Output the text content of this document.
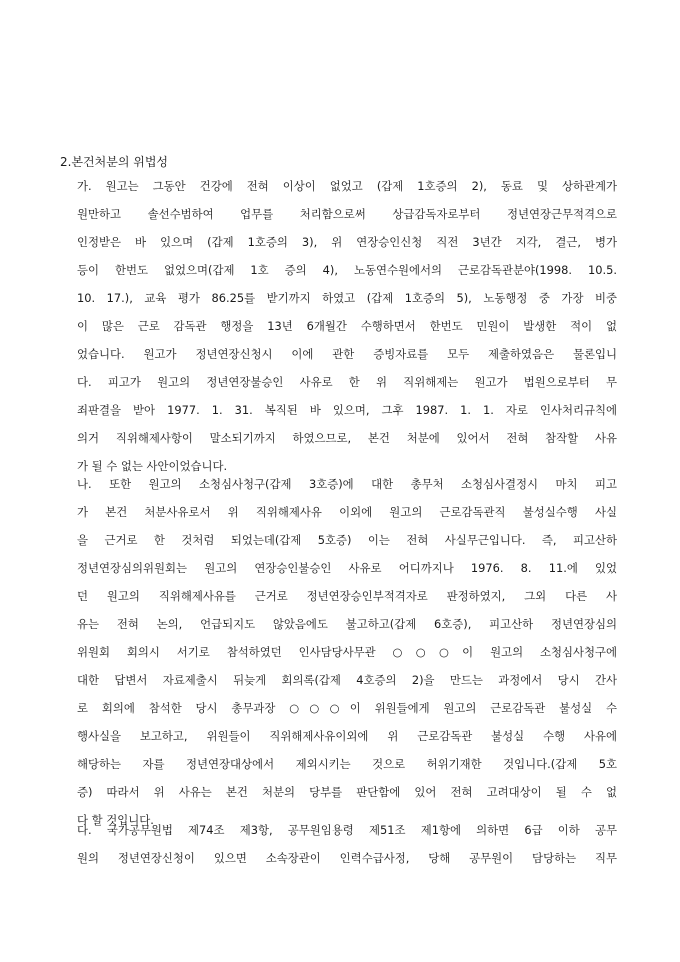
2.본건처분의 위법성
가. 원고는 그동안 건강에 전혀 이상이 없었고 (갑제 1호증의 2), 동료 및 상하관계가
원만하고 솔선수범하여 업무를 처리함으로써 상급감독자로부터 정년연장근무적격으로
인정받은 바 있으며 (갑제 1호증의 3), 위 연장승인신청 직전 3년간 지각, 결근, 병가
등이 한번도 없었으며(갑제 1호 증의 4), 노동연수원에서의 근로감독관분야(1998. 10.5.
10. 17.), 교육 평가 86.25를 받기까지 하였고 (갑제 1호증의 5), 노동행정 중 가장 비중
이 많은 근로 감독관 행정을 13년 6개월간 수행하면서 한번도 민원이 발생한 적이 없
었습니다. 원고가 정년연장신청시 이에 관한 증빙자료를 모두 제출하였음은 물론입니
다. 피고가 원고의 정년연장불승인 사유로 한 위 직위해제는 원고가 법원으로부터 무
죄판결을 받아 1977. 1. 31. 복직된 바 있으며, 그후 1987. 1. 1. 자로 인사처리규칙에
의거 직위해제사항이 말소되기까지 하였으므로, 본건 처분에 있어서 전혀 참작할 사유
가 될 수 없는 사안이었습니다.
나. 또한 원고의 소청심사청구(갑제 3호증)에 대한 총무처 소청심사결정시 마치 피고
가 본건 처분사유로서 위 직위해제사유 이외에 원고의 근로감독관직 불성실수행 사실
을 근거로 한 것처럼 되었는데(갑제 5호증) 이는 전혀 사실무근입니다. 즉, 피고산하
정년연장심의위원회는 원고의 연장승인불승인 사유로 어디까지나 1976. 8. 11.에 있었
던 원고의 직위해제사유를 근거로 정년연장승인부적격자로 판정하였지, 그외 다른 사
유는 전혀 논의, 언급되지도 않았음에도 불고하고(갑제 6호증), 피고산하 정년연장심의
위원회 회의시 서기로 참석하였던 인사담당사무관 ○○○이 원고의 소청심사청구에
대한 답변서 자료제출시 뒤늦게 회의록(갑제 4호증의 2)을 만드는 과정에서 당시 간사
로 회의에 참석한 당시 총무과장 ○○○이 위원들에게 원고의 근로감독관 불성실 수
행사실을 보고하고, 위원들이 직위해제사유이외에 위 근로감독관 불성실 수행 사유에
해당하는 자를 정년연장대상에서 제외시키는 것으로 허위기재한 것입니다.(갑제 5호
증) 따라서 위 사유는 본건 처분의 당부를 판단함에 있어 전혀 고려대상이 될 수 없
다 할 것입니다.
다. 국가공무원법 제74조 제3항, 공무원임용령 제51조 제1항에 의하면 6급 이하 공무
원의 정년연장신청이 있으면 소속장관이 인력수급사정, 당해 공무원이 담당하는 직무
